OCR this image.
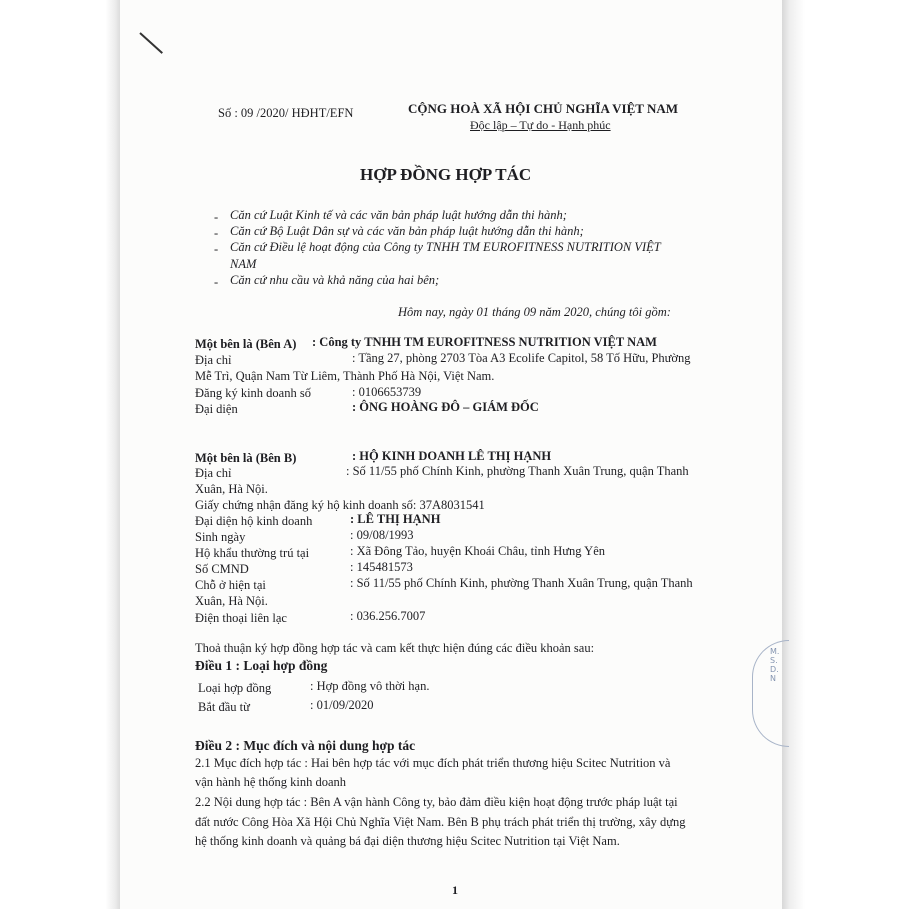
M.S.D.N
Số : 09 /2020/ HĐHT/EFN	CỘNG HOÀ XÃ HỘI CHỦ NGHĨA VIỆT NAM
Độc lập – Tự do - Hạnh phúc
HỢP ĐỒNG HỢP TÁC
- Căn cứ Luật Kinh tế và các văn bản pháp luật hướng dẫn thi hành;
- Căn cứ Bộ Luật Dân sự và các văn bản pháp luật hướng dẫn thi hành;
- Căn cứ Điều lệ hoạt động của Công ty TNHH TM EUROFITNESS NUTRITION VIỆT
NAM
- Căn cứ nhu cầu và khả năng của hai bên;
Hôm nay, ngày 01 tháng 09 năm 2020, chúng tôi gồm:
Một bên là (Bên A) : Công ty TNHH TM EUROFITNESS NUTRITION VIỆT NAM
Địa chỉ	: Tầng 27, phòng 2703 Tòa A3 Ecolife Capitol, 58 Tố Hữu, Phường
Mễ Trì, Quận Nam Từ Liêm, Thành Phố Hà Nội, Việt Nam.
Đăng ký kinh doanh số	: 0106653739
Đại diện	: ÔNG HOÀNG ĐÔ – GIÁM ĐỐC
Một bên là (Bên B)	: HỘ KINH DOANH LÊ THỊ HẠNH
Địa chỉ	: Số 11/55 phố Chính Kinh, phường Thanh Xuân Trung, quận Thanh
Xuân, Hà Nội.
Giấy chứng nhận đăng ký hộ kinh doanh số: 37A8031541
Đại diện hộ kinh doanh	: LÊ THỊ HẠNH
Sinh ngày	: 09/08/1993
Hộ khẩu thường trú tại	: Xã Đông Tảo, huyện Khoái Châu, tỉnh Hưng Yên
Số CMND	: 145481573
Chỗ ở hiện tại	: Số 11/55 phố Chính Kinh, phường Thanh Xuân Trung, quận Thanh
Xuân, Hà Nội.
Điện thoại liên lạc	: 036.256.7007
Thoả thuận ký hợp đồng hợp tác và cam kết thực hiện đúng các điều khoản sau:
Điều 1 : Loại hợp đồng
Loại hợp đồng	: Hợp đồng vô thời hạn.
Bắt đầu từ	: 01/09/2020
Điều 2 : Mục đích và nội dung hợp tác
2.1 Mục đích hợp tác : Hai bên hợp tác với mục đích phát triển thương hiệu Scitec Nutrition và
vận hành hệ thống kinh doanh
2.2 Nội dung hợp tác : Bên A vận hành Công ty, bảo đảm điều kiện hoạt động trước pháp luật tại
đất nước Công Hòa Xã Hội Chủ Nghĩa Việt Nam. Bên B phụ trách phát triển thị trường, xây dựng
hệ thống kinh doanh và quảng bá đại diện thương hiệu Scitec Nutrition tại Việt Nam.
1
